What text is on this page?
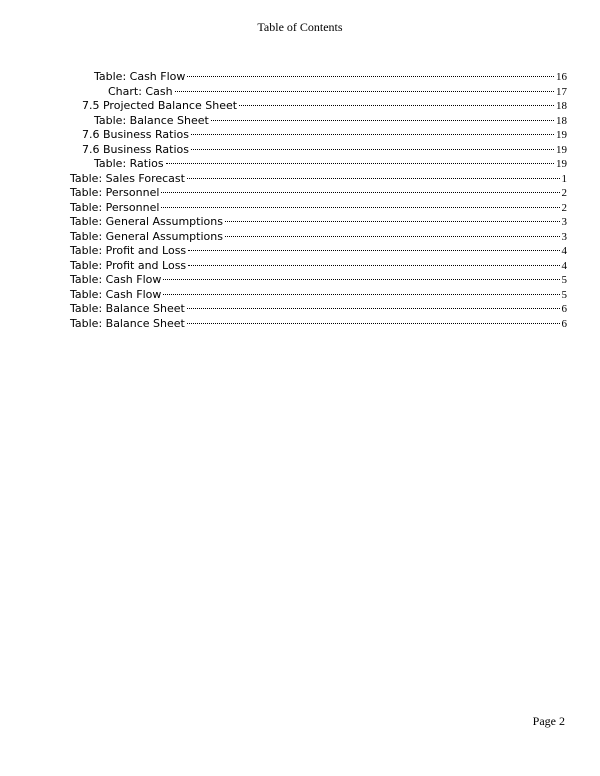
Table of Contents
Table: Cash Flow	16
Chart: Cash	17
7.5 Projected Balance Sheet	18
Table: Balance Sheet	18
7.6 Business Ratios	19
7.6 Business Ratios	19
Table: Ratios	19
Table: Sales Forecast	1
Table: Personnel	2
Table: Personnel	2
Table: General Assumptions	3
Table: General Assumptions	3
Table: Profit and Loss	4
Table: Profit and Loss	4
Table: Cash Flow	5
Table: Cash Flow	5
Table: Balance Sheet	6
Table: Balance Sheet	6
Page 2
